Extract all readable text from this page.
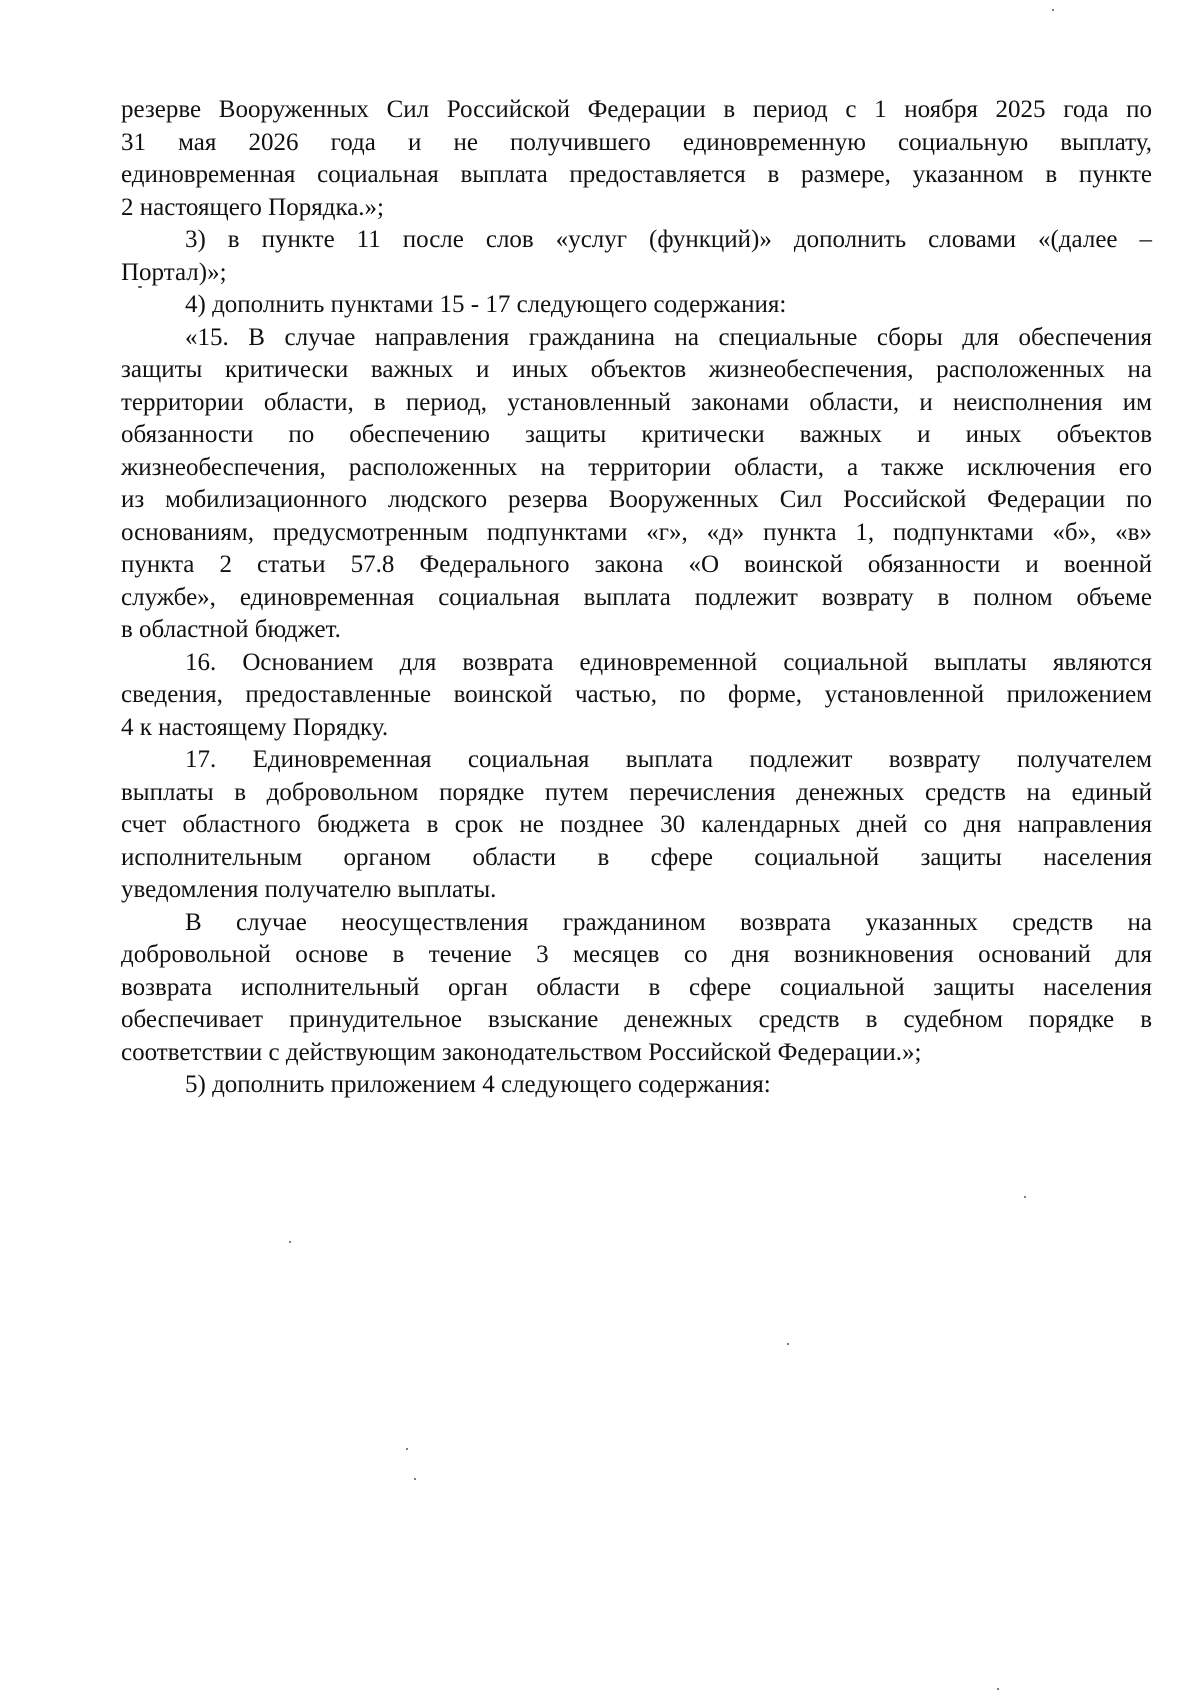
резерве Вооруженных Сил Российской Федерации в период с 1 ноября 2025 года по
31 мая 2026 года и не получившего единовременную социальную выплату,
единовременная социальная выплата предоставляется в размере, указанном в пункте
2 настоящего Порядка.»;
3) в пункте 11 после слов «услуг (функций)» дополнить словами «(далее –
Портал)»;
4) дополнить пунктами 15 - 17 следующего содержания:
«15. В случае направления гражданина на специальные сборы для обеспечения
защиты критически важных и иных объектов жизнеобеспечения, расположенных на
территории области, в период, установленный законами области, и неисполнения им
обязанности по обеспечению защиты критически важных и иных объектов
жизнеобеспечения, расположенных на территории области, а также исключения его
из мобилизационного людского резерва Вооруженных Сил Российской Федерации по
основаниям, предусмотренным подпунктами «г», «д» пункта 1, подпунктами «б», «в»
пункта 2 статьи 57.8 Федерального закона «О воинской обязанности и военной
службе», единовременная социальная выплата подлежит возврату в полном объеме
в областной бюджет.
16. Основанием для возврата единовременной социальной выплаты являются
сведения, предоставленные воинской частью, по форме, установленной приложением
4 к настоящему Порядку.
17. Единовременная социальная выплата подлежит возврату получателем
выплаты в добровольном порядке путем перечисления денежных средств на единый
счет областного бюджета в срок не позднее 30 календарных дней со дня направления
исполнительным органом области в сфере социальной защиты населения
уведомления получателю выплаты.
В случае неосуществления гражданином возврата указанных средств на
добровольной основе в течение 3 месяцев со дня возникновения оснований для
возврата исполнительный орган области в сфере социальной защиты населения
обеспечивает принудительное взыскание денежных средств в судебном порядке в
соответствии с действующим законодательством Российской Федерации.»;
5) дополнить приложением 4 следующего содержания:
